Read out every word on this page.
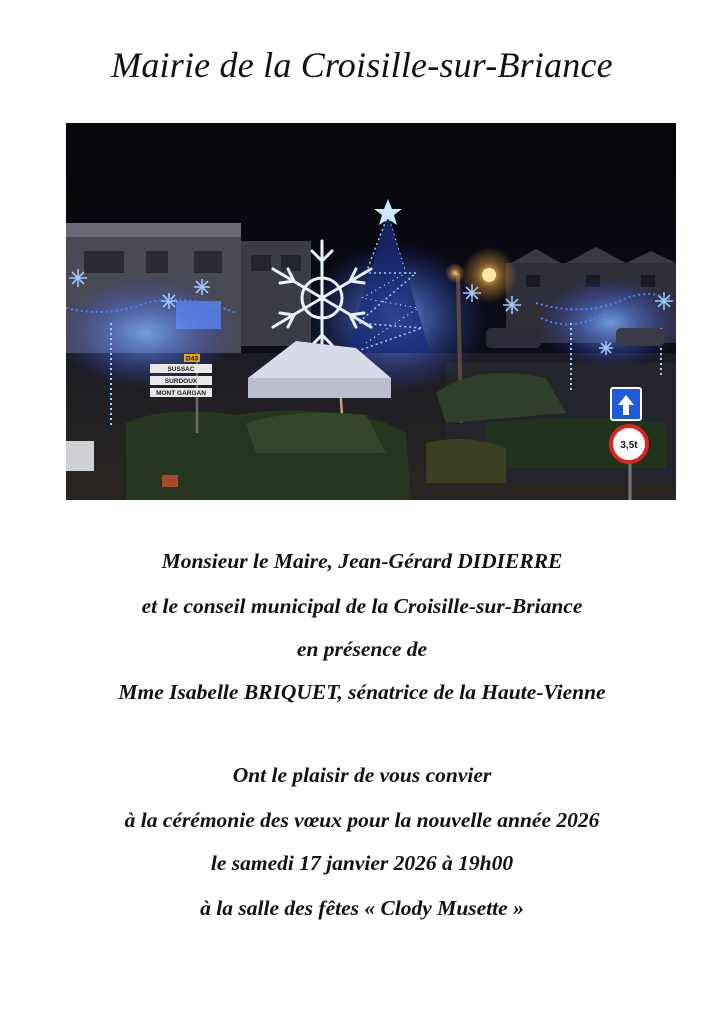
Mairie de la Croisille-sur-Briance
D43
SUSSAC
SURDOUX
MONT GARGAN
3,5t
Monsieur le Maire, Jean-Gérard DIDIERRE
et le conseil municipal de la Croisille-sur-Briance
en présence de
Mme Isabelle BRIQUET, sénatrice de la Haute-Vienne
Ont le plaisir de vous convier
à la cérémonie des vœux pour la nouvelle année 2026
le samedi 17 janvier 2026 à 19h00
à la salle des fêtes « Clody Musette »
